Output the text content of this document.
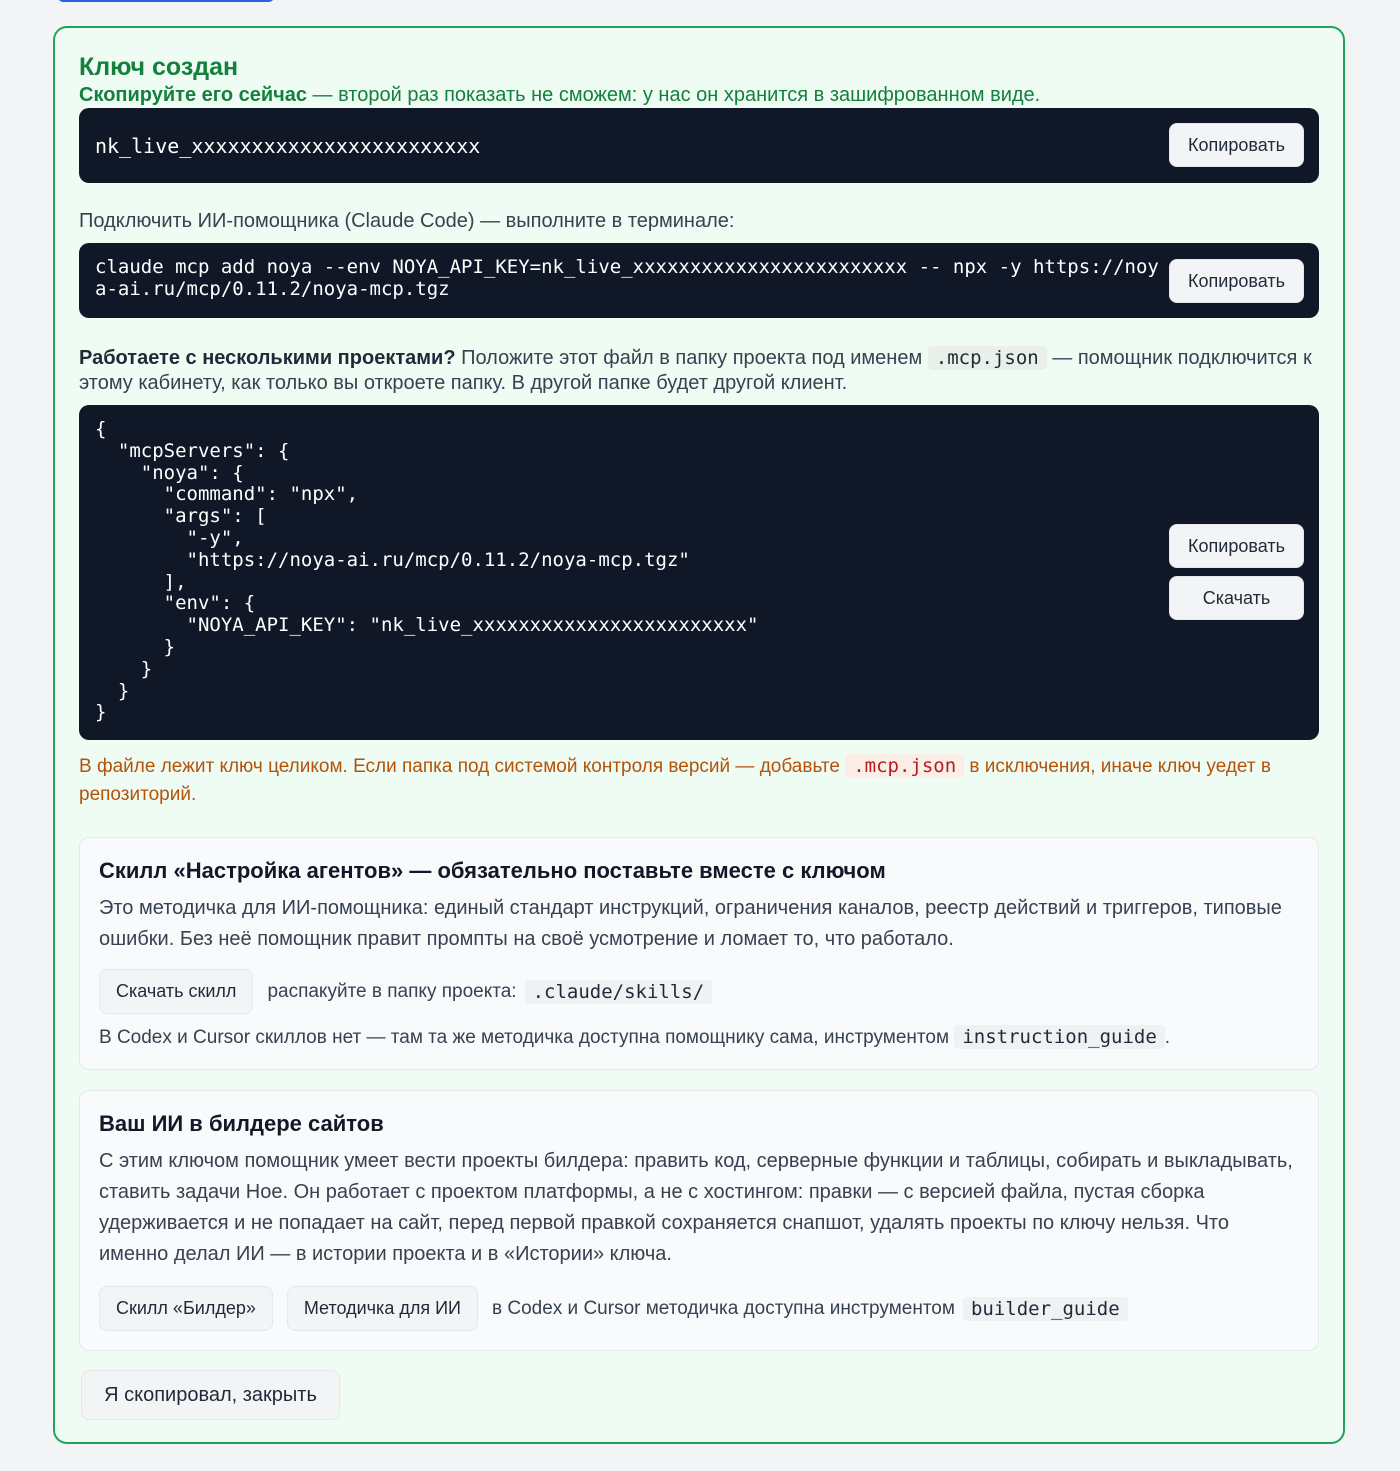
Ключ создан

Скопируйте его сейчас — второй раз показать не сможем: у нас он хранится в зашифрованном виде.

nk_live_xxxxxxxxxxxxxxxxxxxxxxxx	Копировать

Подключить ИИ-помощника (Claude Code) — выполните в терминале:

claude mcp add noya --env NOYA_API_KEY=nk_live_xxxxxxxxxxxxxxxxxxxxxxxx -- npx -y https://noya-ai.ru/mcp/0.11.2/noya-mcp.tgz	Копировать

Работаете с несколькими проектами? Положите этот файл в папку проекта под именем .mcp.json — помощник подключится к этому кабинету, как только вы откроете папку. В другой папке будет другой клиент.

{
"mcpServers": {
"noya": {
"command": "npx",
"args": [
"-y",
"https://noya-ai.ru/mcp/0.11.2/noya-mcp.tgz"
],
"env": {
"NOYA_API_KEY": "nk_live_xxxxxxxxxxxxxxxxxxxxxxxx"
}
}
}
}
Копировать
Скачать

В файле лежит ключ целиком. Если папка под системой контроля версий — добавьте .mcp.json в исключения, иначе ключ уедет в репозиторий.

Скилл «Настройка агентов» — обязательно поставьте вместе с ключом

Это методичка для ИИ-помощника: единый стандарт инструкций, ограничения каналов, реестр действий и триггеров, типовые ошибки. Без неё помощник правит промпты на своё усмотрение и ломает то, что работало.

Скачать скилл	распакуйте в папку проекта: .claude/skills/
В Codex и Cursor скиллов нет — там та же методичка доступна помощнику сама, инструментом instruction_guide .
Ваш ИИ в билдере сайтов

С этим ключом помощник умеет вести проекты билдера: править код, серверные функции и таблицы, собирать и выкладывать, ставить задачи Ное. Он работает с проектом платформы, а не с хостингом: правки — с версией файла, пустая сборка удерживается и не попадает на сайт, перед первой правкой сохраняется снапшот, удалять проекты по ключу нельзя. Что именно делал ИИ — в истории проекта и в «Истории» ключа.

Скилл «Билдер»	Методичка для ИИ	в Codex и Cursor методичка доступна инструментом builder_guide
Я скопировал, закрыть
